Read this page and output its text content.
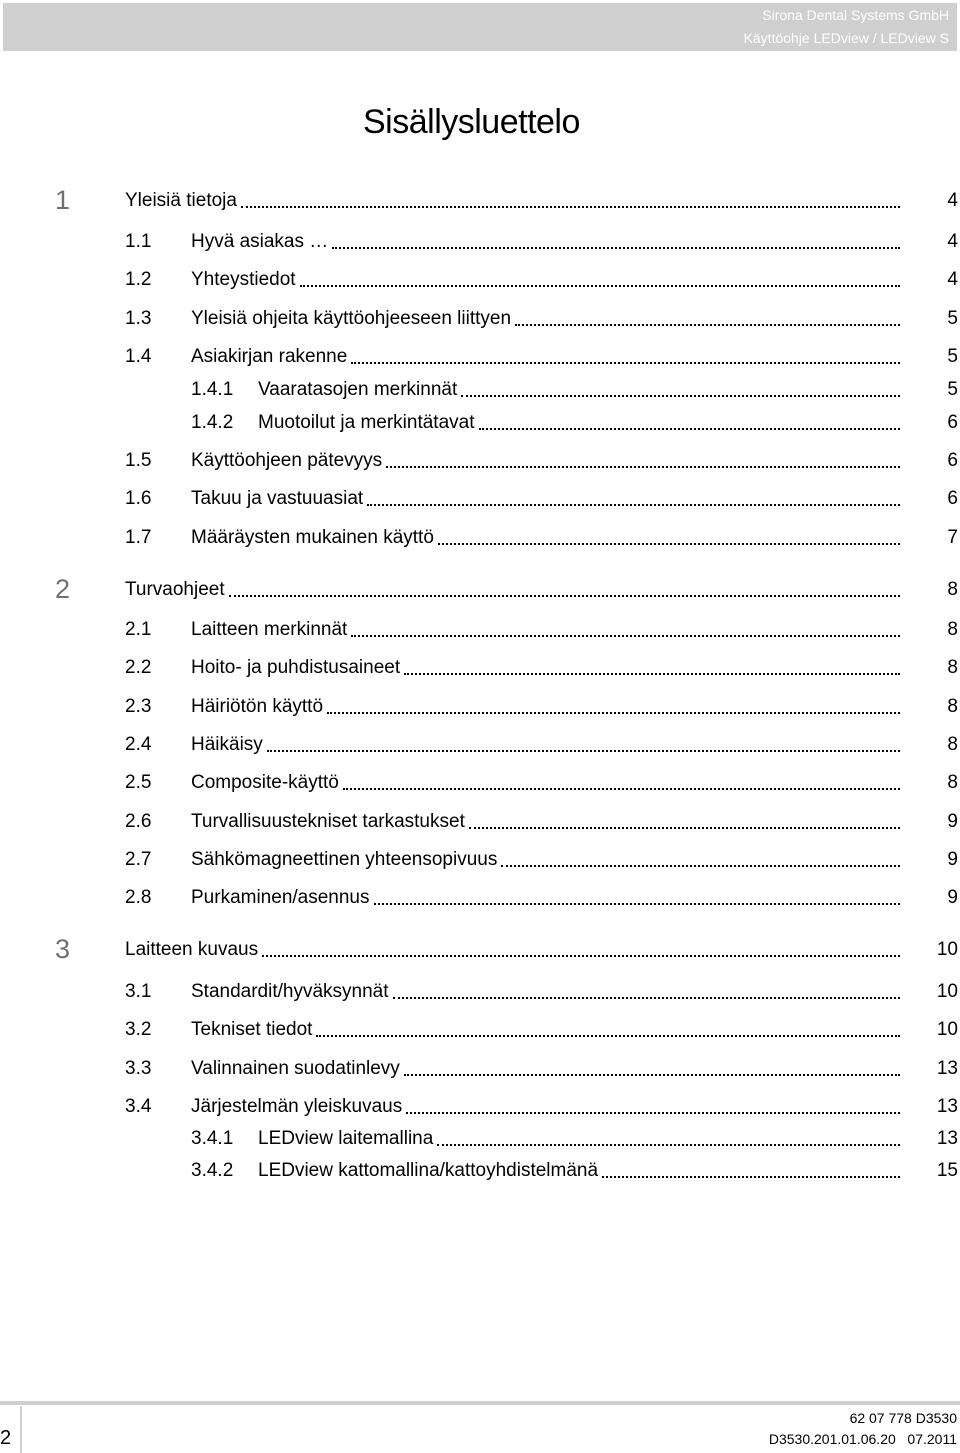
Sirona Dental Systems GmbH
Käyttöohje LEDview / LEDview S
Sisällysluettelo
1	Yleisiä tietoja	4
1.1 Hyvä asiakas …	4
1.2 Yhteystiedot	4
1.3 Yleisiä ohjeita käyttöohjeeseen liittyen	5
1.4 Asiakirjan rakenne	5
1.4.1 Vaaratasojen merkinnät	5
1.4.2 Muotoilut ja merkintätavat	6
1.5 Käyttöohjeen pätevyys	6
1.6 Takuu ja vastuuasiat	6
1.7 Määräysten mukainen käyttö	7
2	Turvaohjeet	8
2.1 Laitteen merkinnät	8
2.2 Hoito- ja puhdistusaineet	8
2.3 Häiriötön käyttö	8
2.4 Häikäisy	8
2.5 Composite-käyttö	8
2.6 Turvallisuustekniset tarkastukset	9
2.7 Sähkömagneettinen yhteensopivuus	9
2.8 Purkaminen/asennus	9
3	Laitteen kuvaus	10
3.1 Standardit/hyväksynnät	10
3.2 Tekniset tiedot	10
3.3 Valinnainen suodatinlevy	13
3.4 Järjestelmän yleiskuvaus	13
3.4.1 LEDview laitemallina	13
3.4.2 LEDview kattomallina/kattoyhdistelmänä	15
2
62 07 778 D3530
D3530.201.01.06.20   07.2011
